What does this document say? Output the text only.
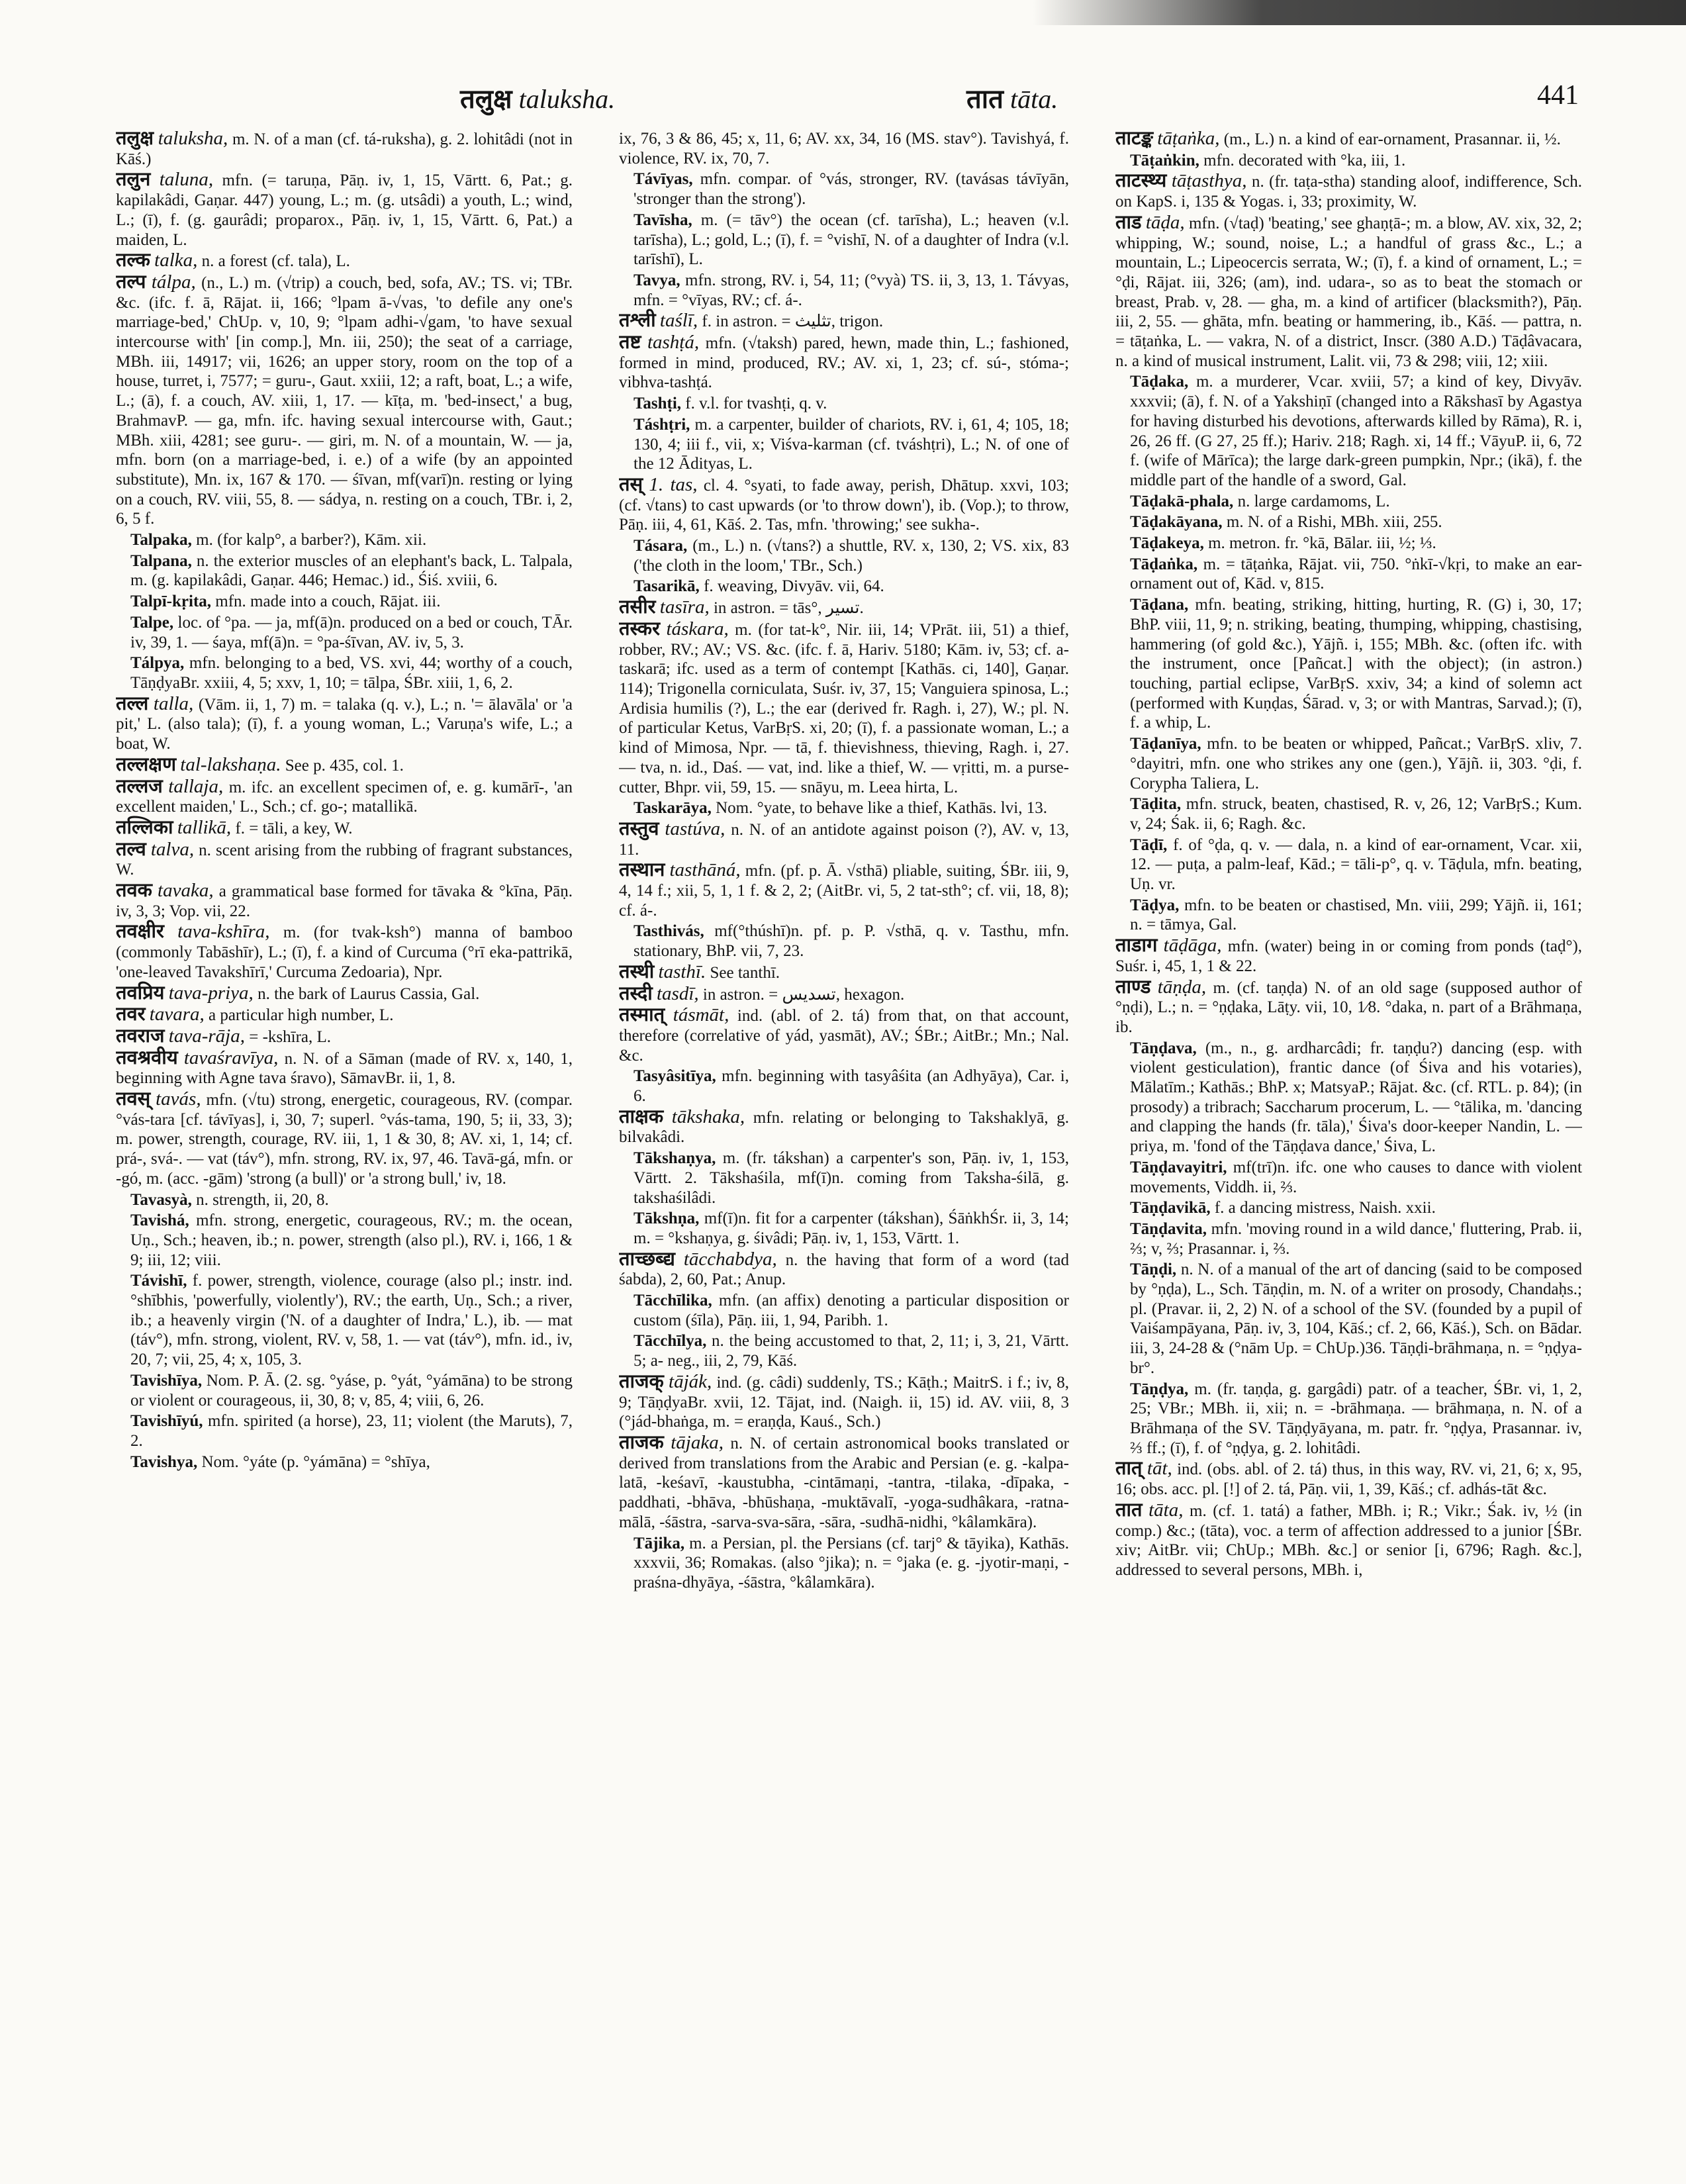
तलुक्ष taluksha.	तात tāta.	441

तलुक्ष taluksha, m. N. of a man (cf. tá-ruksha), g. 2. lohitâdi (not in Kāś.)

तलुन taluna, mfn. (= taruṇa, Pāṇ. iv, 1, 15, Vārtt. 6, Pat.; g. kapilakâdi, Gaṇar. 447) young, L.; m. (g. utsâdi) a youth, L.; wind, L.; (ī), f. (g. gaurâdi; proparox., Pāṇ. iv, 1, 15, Vārtt. 6, Pat.) a maiden, L.

तल्क talka, n. a forest (cf. tala), L.

तल्प tálpa, (n., L.) m. (√trip) a couch, bed, sofa, AV.; TS. vi; TBr. &c. (ifc. f. ā, Rājat. ii, 166; °lpam ā-√vas, 'to defile any one's marriage-bed,' ChUp. v, 10, 9; °lpam adhi-√gam, 'to have sexual intercourse with' [in comp.], Mn. iii, 250); the seat of a carriage, MBh. iii, 14917; vii, 1626; an upper story, room on the top of a house, turret, i, 7577; = guru-, Gaut. xxiii, 12; a raft, boat, L.; a wife, L.; (ā), f. a couch, AV. xiii, 1, 17. — kīṭa, m. 'bed-insect,' a bug, BrahmavP. — ga, mfn. ifc. having sexual intercourse with, Gaut.; MBh. xiii, 4281; see guru-. — giri, m. N. of a mountain, W. — ja, mfn. born (on a marriage-bed, i. e.) of a wife (by an appointed substitute), Mn. ix, 167 & 170. — śīvan, mf(varī)n. resting or lying on a couch, RV. viii, 55, 8. — sádya, n. resting on a couch, TBr. i, 2, 6, 5 f.

Talpaka, m. (for kalp°, a barber?), Kām. xii.

Talpana, n. the exterior muscles of an elephant's back, L. Talpala, m. (g. kapilakâdi, Gaṇar. 446; Hemac.) id., Śiś. xviii, 6.

Talpī-kṛita, mfn. made into a couch, Rājat. iii.

Talpe, loc. of °pa. — ja, mf(ā)n. produced on a bed or couch, TĀr. iv, 39, 1. — śaya, mf(ā)n. = °pa-śīvan, AV. iv, 5, 3.

Tálpya, mfn. belonging to a bed, VS. xvi, 44; worthy of a couch, TāṇḍyaBr. xxiii, 4, 5; xxv, 1, 10; = tālpa, ŚBr. xiii, 1, 6, 2.

तल्ल talla, (Vām. ii, 1, 7) m. = talaka (q. v.), L.; n. '= ālavāla' or 'a pit,' L. (also tala); (ī), f. a young woman, L.; Varuṇa's wife, L.; a boat, W.

तल्लक्षण tal-lakshaṇa. See p. 435, col. 1.

तल्लज tallaja, m. ifc. an excellent specimen of, e. g. kumārī-, 'an excellent maiden,' L., Sch.; cf. go-; matallikā.

तल्लिका tallikā, f. = tāli, a key, W.

तल्व talva, n. scent arising from the rubbing of fragrant substances, W.

तवक tavaka, a grammatical base formed for tāvaka & °kīna, Pāṇ. iv, 3, 3; Vop. vii, 22.

तवक्षीर tava-kshīra, m. (for tvak-ksh°) manna of bamboo (commonly Tabāshīr), L.; (ī), f. a kind of Curcuma (°rī eka-pattrikā, 'one-leaved Tavakshīrī,' Curcuma Zedoaria), Npr.

तवप्रिय tava-priya, n. the bark of Laurus Cassia, Gal.

तवर tavara, a particular high number, L.

तवराज tava-rāja, = -kshīra, L.

तवश्रवीय tavaśravīya, n. N. of a Sāman (made of RV. x, 140, 1, beginning with Agne tava śravo), SāmavBr. ii, 1, 8.

तवस् tavás, mfn. (√tu) strong, energetic, courageous, RV. (compar. °vás-tara [cf. távīyas], i, 30, 7; superl. °vás-tama, 190, 5; ii, 33, 3); m. power, strength, courage, RV. iii, 1, 1 & 30, 8; AV. xi, 1, 14; cf. prá-, svá-. — vat (táv°), mfn. strong, RV. ix, 97, 46. Tavā-gá, mfn. or -gó, m. (acc. -gām) 'strong (a bull)' or 'a strong bull,' iv, 18.

Tavasyà, n. strength, ii, 20, 8.

Tavishá, mfn. strong, energetic, courageous, RV.; m. the ocean, Uṇ., Sch.; heaven, ib.; n. power, strength (also pl.), RV. i, 166, 1 & 9; iii, 12; viii.

Távishī, f. power, strength, violence, courage (also pl.; instr. ind. °shībhis, 'powerfully, violently'), RV.; the earth, Uṇ., Sch.; a river, ib.; a heavenly virgin ('N. of a daughter of Indra,' L.), ib. — mat (táv°), mfn. strong, violent, RV. v, 58, 1. — vat (táv°), mfn. id., iv, 20, 7; vii, 25, 4; x, 105, 3.

Tavishīya, Nom. P. Ā. (2. sg. °yáse, p. °yát, °yámāna) to be strong or violent or courageous, ii, 30, 8; v, 85, 4; viii, 6, 26.

Tavishīyú, mfn. spirited (a horse), 23, 11; violent (the Maruts), 7, 2.

Tavishya, Nom. °yáte (p. °yámāna) = °shīya,

ix, 76, 3 & 86, 45; x, 11, 6; AV. xx, 34, 16 (MS. stav°). Tavishyá, f. violence, RV. ix, 70, 7.

Távīyas, mfn. compar. of °vás, stronger, RV. (tavásas távīyān, 'stronger than the strong').

Tavīsha, m. (= tāv°) the ocean (cf. tarīsha), L.; heaven (v.l. tarīsha), L.; gold, L.; (ī), f. = °vishī, N. of a daughter of Indra (v.l. tarīshī), L.

Tavya, mfn. strong, RV. i, 54, 11; (°vyà) TS. ii, 3, 13, 1. Távyas, mfn. = °vīyas, RV.; cf. á-.

तश्ली taślī, f. in astron. = تثلیث, trigon.

तष्ट tashṭá, mfn. (√taksh) pared, hewn, made thin, L.; fashioned, formed in mind, produced, RV.; AV. xi, 1, 23; cf. sú-, stóma-; vibhva-tashṭá.

Tashṭi, f. v.l. for tvashṭi, q. v.

Táshṭri, m. a carpenter, builder of chariots, RV. i, 61, 4; 105, 18; 130, 4; iii f., vii, x; Viśva-karman (cf. tváshṭri), L.; N. of one of the 12 Ādityas, L.

तस् 1. tas, cl. 4. °syati, to fade away, perish, Dhātup. xxvi, 103; (cf. √tans) to cast upwards (or 'to throw down'), ib. (Vop.); to throw, Pāṇ. iii, 4, 61, Kāś. 2. Tas, mfn. 'throwing;' see sukha-.

Tásara, (m., L.) n. (√tans?) a shuttle, RV. x, 130, 2; VS. xix, 83 ('the cloth in the loom,' TBr., Sch.)

Tasarikā, f. weaving, Divyāv. vii, 64.

तसीर tasīra, in astron. = tās°, تسیر.

तस्कर táskara, m. (for tat-k°, Nir. iii, 14; VPrāt. iii, 51) a thief, robber, RV.; AV.; VS. &c. (ifc. f. ā, Hariv. 5180; Kām. iv, 53; cf. a-taskarā; ifc. used as a term of contempt [Kathās. ci, 140], Gaṇar. 114); Trigonella corniculata, Suśr. iv, 37, 15; Vanguiera spinosa, L.; Ardisia humilis (?), L.; the ear (derived fr. Ragh. i, 27), W.; pl. N. of particular Ketus, VarBṛS. xi, 20; (ī), f. a passionate woman, L.; a kind of Mimosa, Npr. — tā, f. thievishness, thieving, Ragh. i, 27. — tva, n. id., Daś. — vat, ind. like a thief, W. — vṛitti, m. a purse-cutter, Bhpr. vii, 59, 15. — snāyu, m. Leea hirta, L.

Taskarāya, Nom. °yate, to behave like a thief, Kathās. lvi, 13.

तस्तुव tastúva, n. N. of an antidote against poison (?), AV. v, 13, 11.

तस्थान tasthāná, mfn. (pf. p. Ā. √sthā) pliable, suiting, ŚBr. iii, 9, 4, 14 f.; xii, 5, 1, 1 f. & 2, 2; (AitBr. vi, 5, 2 tat-sth°; cf. vii, 18, 8); cf. á-.

Tasthivás, mf(°thúshī)n. pf. p. P. √sthā, q. v. Tasthu, mfn. stationary, BhP. vii, 7, 23.

तस्थी tasthī. See tanthī.

तस्दी tasdī, in astron. = تسدیس, hexagon.

तस्मात् tásmāt, ind. (abl. of 2. tá) from that, on that account, therefore (correlative of yád, yasmāt), AV.; ŚBr.; AitBr.; Mn.; Nal. &c.

Tasyâsitīya, mfn. beginning with tasyâśita (an Adhyāya), Car. i, 6.

ताक्षक tākshaka, mfn. relating or belonging to Takshaklyā, g. bilvakâdi.

Tākshaṇya, m. (fr. tákshan) a carpenter's son, Pāṇ. iv, 1, 153, Vārtt. 2. Tākshaśila, mf(ī)n. coming from Taksha-śilā, g. takshaśilâdi.

Tākshṇa, mf(ī)n. fit for a carpenter (tákshan), ŚāṅkhŚr. ii, 3, 14; m. = °kshaṇya, g. śivâdi; Pāṇ. iv, 1, 153, Vārtt. 1.

ताच्छब्द्य tācchabdya, n. the having that form of a word (tad śabda), 2, 60, Pat.; Anup.

Tācchīlika, mfn. (an affix) denoting a particular disposition or custom (śīla), Pāṇ. iii, 1, 94, Paribh. 1.

Tācchīlya, n. the being accustomed to that, 2, 11; i, 3, 21, Vārtt. 5; a- neg., iii, 2, 79, Kāś.

ताजक् tāják, ind. (g. câdi) suddenly, TS.; Kāṭh.; MaitrS. i f.; iv, 8, 9; TāṇḍyaBr. xvii, 12. Tājat, ind. (Naigh. ii, 15) id. AV. viii, 8, 3 (°jád-bhaṅga, m. = eraṇḍa, Kauś., Sch.)

ताजक tājaka, n. N. of certain astronomical books translated or derived from translations from the Arabic and Persian (e. g. -kalpa-latā, -keśavī, -kaustubha, -cintāmaṇi, -tantra, -tilaka, -dīpaka, -paddhati, -bhāva, -bhūshaṇa, -muktāvalī, -yoga-sudhâkara, -ratna-mālā, -śāstra, -sarva-sva-sāra, -sāra, -sudhā-nidhi, °kâlamkāra).

Tājika, m. a Persian, pl. the Persians (cf. tarj° & tāyika), Kathās. xxxvii, 36; Romakas. (also °jika); n. = °jaka (e. g. -jyotir-maṇi, -praśna-dhyāya, -śāstra, °kâlamkāra).

ताटङ्क tāṭaṅka, (m., L.) n. a kind of ear-ornament, Prasannar. ii, ½.

Tāṭaṅkin, mfn. decorated with °ka, iii, 1.

ताटस्थ्य tāṭasthya, n. (fr. taṭa-stha) standing aloof, indifference, Sch. on KapS. i, 135 & Yogas. i, 33; proximity, W.

ताड tāḍa, mfn. (√taḍ) 'beating,' see ghaṇṭā-; m. a blow, AV. xix, 32, 2; whipping, W.; sound, noise, L.; a handful of grass &c., L.; a mountain, L.; Lipeocercis serrata, W.; (ī), f. a kind of ornament, L.; = °ḍi, Rājat. iii, 326; (am), ind. udara-, so as to beat the stomach or breast, Prab. v, 28. — gha, m. a kind of artificer (blacksmith?), Pāṇ. iii, 2, 55. — ghāta, mfn. beating or hammering, ib., Kāś. — pattra, n. = tāṭaṅka, L. — vakra, N. of a district, Inscr. (380 A.D.) Tāḍâvacara, n. a kind of musical instrument, Lalit. vii, 73 & 298; viii, 12; xiii.

Tāḍaka, m. a murderer, Vcar. xviii, 57; a kind of key, Divyāv. xxxvii; (ā), f. N. of a Yakshiṇī (changed into a Rākshasī by Agastya for having disturbed his devotions, afterwards killed by Rāma), R. i, 26, 26 ff. (G 27, 25 ff.); Hariv. 218; Ragh. xi, 14 ff.; VāyuP. ii, 6, 72 f. (wife of Mārīca); the large dark-green pumpkin, Npr.; (ikā), f. the middle part of the handle of a sword, Gal.

Tāḍakā-phala, n. large cardamoms, L.

Tāḍakāyana, m. N. of a Rishi, MBh. xiii, 255.

Tāḍakeya, m. metron. fr. °kā, Bālar. iii, ½; ⅓.

Tāḍaṅka, m. = tāṭaṅka, Rājat. vii, 750. °ṅkī-√kṛi, to make an ear-ornament out of, Kād. v, 815.

Tāḍana, mfn. beating, striking, hitting, hurting, R. (G) i, 30, 17; BhP. viii, 11, 9; n. striking, beating, thumping, whipping, chastising, hammering (of gold &c.), Yājñ. i, 155; MBh. &c. (often ifc. with the instrument, once [Pañcat.] with the object); (in astron.) touching, partial eclipse, VarBṛS. xxiv, 34; a kind of solemn act (performed with Kuṇḍas, Śārad. v, 3; or with Mantras, Sarvad.); (ī), f. a whip, L.

Tāḍanīya, mfn. to be beaten or whipped, Pañcat.; VarBṛS. xliv, 7. °dayitri, mfn. one who strikes any one (gen.), Yājñ. ii, 303. °ḍi, f. Corypha Taliera, L.

Tāḍita, mfn. struck, beaten, chastised, R. v, 26, 12; VarBṛS.; Kum. v, 24; Śak. ii, 6; Ragh. &c.

Tāḍī, f. of °ḍa, q. v. — dala, n. a kind of ear-ornament, Vcar. xii, 12. — puṭa, a palm-leaf, Kād.; = tāli-p°, q. v. Tāḍula, mfn. beating, Uṇ. vr.

Tāḍya, mfn. to be beaten or chastised, Mn. viii, 299; Yājñ. ii, 161; n. = tāmya, Gal.

ताडाग tāḍāga, mfn. (water) being in or coming from ponds (taḍ°), Suśr. i, 45, 1, 1 & 22.

ताण्ड tāṇḍa, m. (cf. taṇḍa) N. of an old sage (supposed author of °ṇḍi), L.; n. = °ṇḍaka, Lāṭy. vii, 10, 1⁄8. °daka, n. part of a Brāhmaṇa, ib.

Tāṇḍava, (m., n., g. ardharcâdi; fr. taṇḍu?) dancing (esp. with violent gesticulation), frantic dance (of Śiva and his votaries), Mālatīm.; Kathās.; BhP. x; MatsyaP.; Rājat. &c. (cf. RTL. p. 84); (in prosody) a tribrach; Saccharum procerum, L. — °tālika, m. 'dancing and clapping the hands (fr. tāla),' Śiva's door-keeper Nandin, L. — priya, m. 'fond of the Tāṇḍava dance,' Śiva, L.

Tāṇḍavayitri, mf(trī)n. ifc. one who causes to dance with violent movements, Viddh. ii, ⅔.

Tāṇḍavikā, f. a dancing mistress, Naish. xxii.

Tāṇḍavita, mfn. 'moving round in a wild dance,' fluttering, Prab. ii, ⅔; v, ⅔; Prasannar. i, ⅔.

Tāṇḍi, n. N. of a manual of the art of dancing (said to be composed by °ṇḍa), L., Sch. Tāṇḍin, m. N. of a writer on prosody, Chandaḥs.; pl. (Pravar. ii, 2, 2) N. of a school of the SV. (founded by a pupil of Vaiśampāyana, Pāṇ. iv, 3, 104, Kāś.; cf. 2, 66, Kāś.), Sch. on Bādar. iii, 3, 24-28 & (°nām Up. = ChUp.)36. Tāṇḍi-brāhmaṇa, n. = °ṇḍya-br°.

Tāṇḍya, m. (fr. taṇḍa, g. gargâdi) patr. of a teacher, ŚBr. vi, 1, 2, 25; VBr.; MBh. ii, xii; n. = -brāhmaṇa. — brāhmaṇa, n. N. of a Brāhmaṇa of the SV. Tāṇḍyāyana, m. patr. fr. °ṇḍya, Prasannar. iv, ⅔ ff.; (ī), f. of °ṇḍya, g. 2. lohitâdi.

तात् tāt, ind. (obs. abl. of 2. tá) thus, in this way, RV. vi, 21, 6; x, 95, 16; obs. acc. pl. [!] of 2. tá, Pāṇ. vii, 1, 39, Kāś.; cf. adhás-tāt &c.

तात tāta, m. (cf. 1. tatá) a father, MBh. i; R.; Vikr.; Śak. iv, ½ (in comp.) &c.; (tāta), voc. a term of affection addressed to a junior [ŚBr. xiv; AitBr. vii; ChUp.; MBh. &c.] or senior [i, 6796; Ragh. &c.], addressed to several persons, MBh. i,
